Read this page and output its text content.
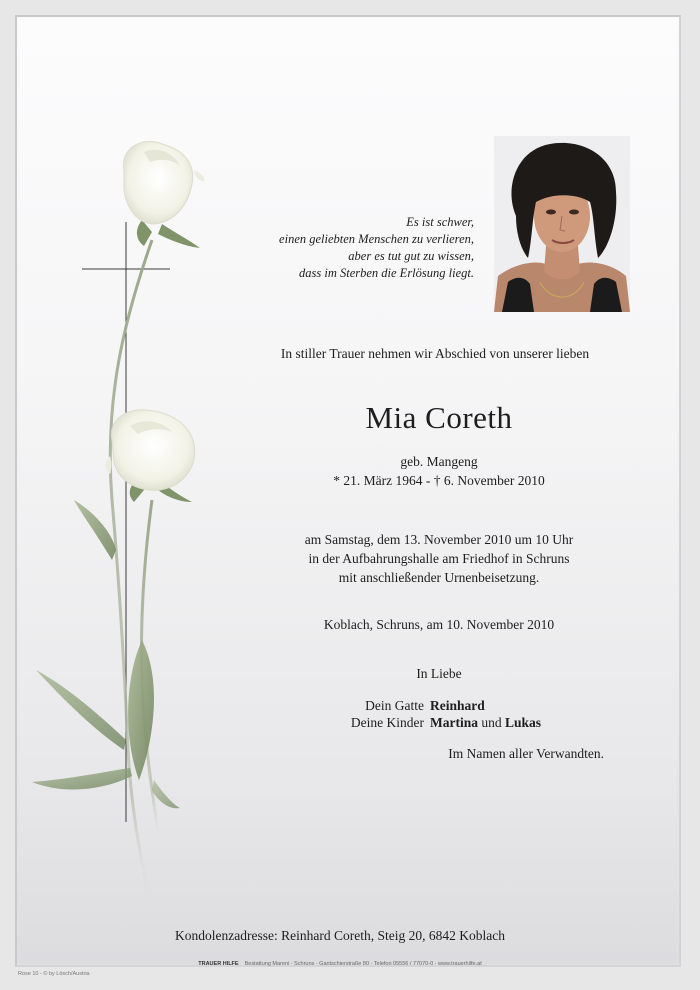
Es ist schwer,
einen geliebten Menschen zu verlieren,
aber es tut gut zu wissen,
dass im Sterben die Erlösung liegt.
In stiller Trauer nehmen wir Abschied von unserer lieben
Mia Coreth
geb. Mangeng
* 21. März 1964 - † 6. November 2010
am Samstag, dem 13. November 2010 um 10 Uhr
in der Aufbahrungshalle am Friedhof in Schruns
mit anschließender Urnenbeisetzung.
Koblach, Schruns, am 10. November 2010
In Liebe
Dein Gatte Reinhard
Deine Kinder Martina und Lukas
Im Namen aller Verwandten.
Kondolenzadresse: Reinhard Coreth, Steig 20, 6842 Koblach
TRAUER HILFE Bestattung Mareni · Schruns · Gantschierstraße 80 · Telefon 05556 / 77070-0 · www.trauerhilfe.at
Rose 10 - © by Lösch/Austria
